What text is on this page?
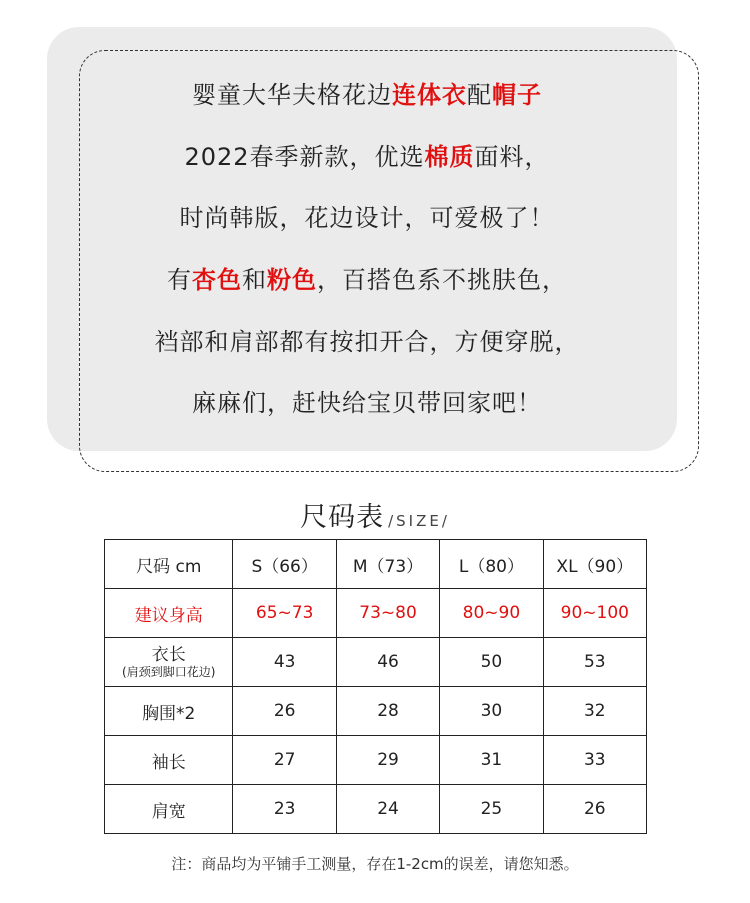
婴童大华夫格花边连体衣配帽子
2022春季新款，优选棉质面料，
时尚韩版，花边设计，可爱极了！
有杏色和粉色，百搭色系不挑肤色，
裆部和肩部都有按扣开合，方便穿脱，
麻麻们，赶快给宝贝带回家吧！
尺码表 /SIZE/
尺码 cm	S（66）	M（73）	L（80）	XL（90）
建议身高	65~73	73~80	80~90	90~100

衣长
(肩颈到脚口花边)	43	46	50	53
胸围*2	26	28	30	32
袖长	27	29	31	33
肩宽	23	24	25	26
注：商品均为平铺手工测量，存在1-2cm的误差，请您知悉。
